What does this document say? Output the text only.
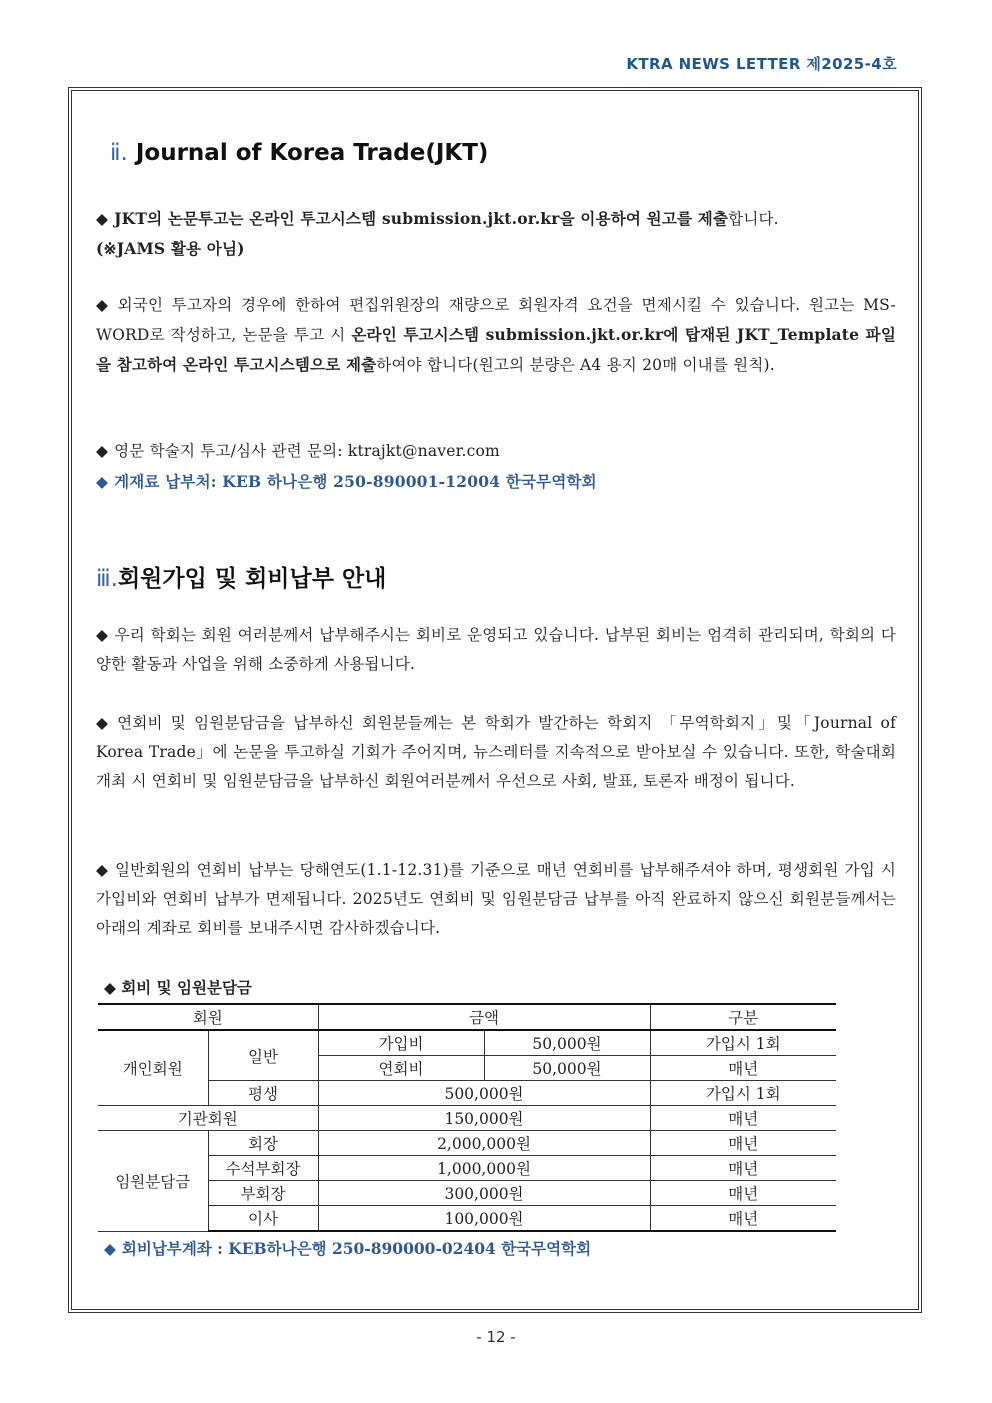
KTRA NEWS LETTER 제2025-4호
ⅱ. Journal of Korea Trade(JKT)

◆ JKT의 논문투고는 온라인 투고시스템 submission.jkt.or.kr을 이용하여 원고를 제출합니다.
(※JAMS 활용 아님)

◆ 외국인 투고자의 경우에 한하여 편집위원장의 재량으로 회원자격 요건을 면제시킬 수 있습니다. 원고는 MS-WORD로 작성하고, 논문을 투고 시 온라인 투고시스템 submission.jkt.or.kr에 탑재된 JKT_Template 파일을 참고하여 온라인 투고시스템으로 제출하여야 합니다(원고의 분량은 A4 용지 20매 이내를 원칙).

◆ 영문 학술지 투고/심사 관련 문의: ktrajkt@naver.com

◆ 게재료 납부처: KEB 하나은행 250-890001-12004 한국무역학회

ⅲ.회원가입 및 회비납부 안내

◆ 우리 학회는 회원 여러분께서 납부해주시는 회비로 운영되고 있습니다. 납부된 회비는 엄격히 관리되며, 학회의 다양한 활동과 사업을 위해 소중하게 사용됩니다.

◆ 연회비 및 임원분담금을 납부하신 회원분들께는 본 학회가 발간하는 학회지 「무역학회지」및「Journal of Korea Trade」에 논문을 투고하실 기회가 주어지며, 뉴스레터를 지속적으로 받아보실 수 있습니다. 또한, 학술대회 개최 시 연회비 및 임원분담금을 납부하신 회원여러분께서 우선으로 사회, 발표, 토론자 배정이 됩니다.

◆ 일반회원의 연회비 납부는 당해연도(1.1-12.31)를 기준으로 매년 연회비를 납부해주셔야 하며, 평생회원 가입 시 가입비와 연회비 납부가 면제됩니다. 2025년도 연회비 및 임원분담금 납부를 아직 완료하지 않으신 회원분들께서는 아래의 계좌로 회비를 보내주시면 감사하겠습니다.

◆ 회비 및 임원분담금
회원		금액		구분
개인회원	일반	가입비	50,000원	가입시 1회
		연회비	50,000원	매년
	평생	500,000원		가입시 1회
기관회원		150,000원		매년
임원분담금	회장	2,000,000원		매년
	수석부회장	1,000,000원		매년
	부회장	300,000원		매년
	이사	100,000원		매년
◆ 회비납부계좌 : KEB하나은행 250-890000-02404 한국무역학회
- 12 -
